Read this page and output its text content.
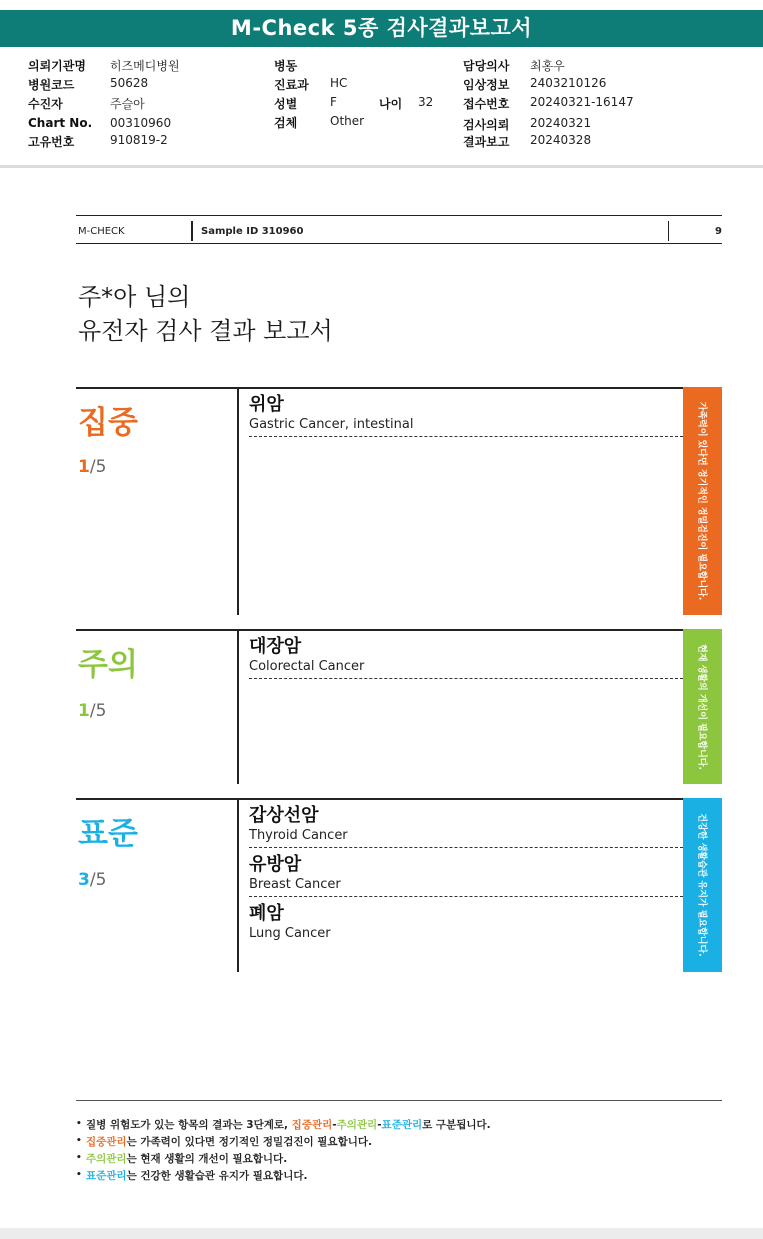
M-Check 5종 검사결과보고서
의뢰기관명 히즈메디병원
병원코드	50628
수진자	주슬아
Chart No. 00310960
고유번호	910819-2
병동
진료과 HC
성별	F	나이 32
검체	Other
담당의사 최홍우
임상정보 2403210126
접수번호 20240321-16147
검사의뢰 20240321
결과보고 20240328
M-CHECK	Sample ID 310960	9
주*아 님의
유전자 검사 결과 보고서
집중
1/5
위암
Gastric Cancer, intestinal	가족력이 있다면 정기적인 정밀검진이 필요합니다.
주의
1/5
대장암
Colorectal Cancer	현재 생활의 개선이 필요합니다.
표준
3/5
갑상선암
Thyroid Cancer
유방암
Breast Cancer
폐암
Lung Cancer	건강한 생활습관 유지가 필요합니다.
• 질병 위험도가 있는 항목의 결과는 3단계로, 집중관리-주의관리-표준관리로 구분됩니다.
• 집중관리는 가족력이 있다면 정기적인 정밀검진이 필요합니다.
• 주의관리는 현재 생활의 개선이 필요합니다.
• 표준관리는 건강한 생활습관 유지가 필요합니다.
